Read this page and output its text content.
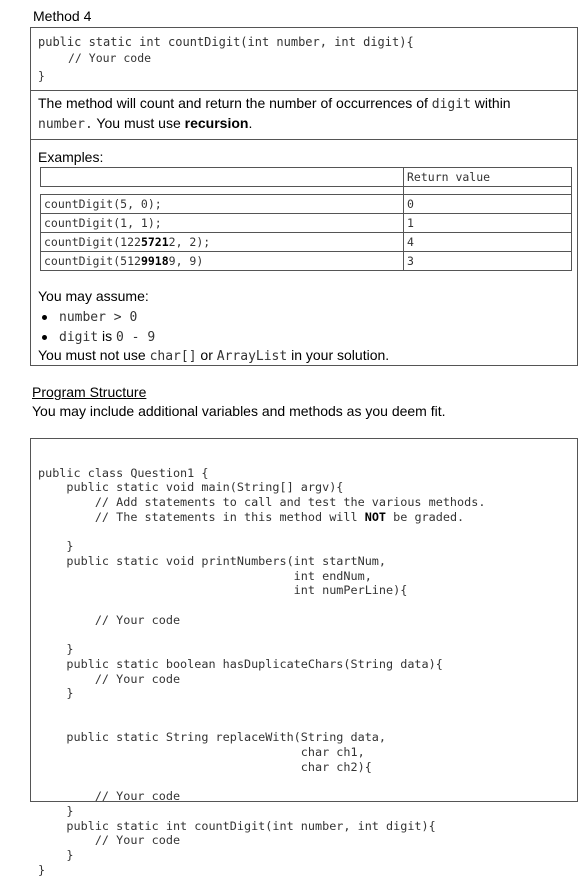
Method 4
public static int countDigit(int number, int digit){
// Your code
}
The method will count and return the number of occurrences of digit within
number. You must use recursion.
Examples:
	Return value

countDigit(5, 0);	0
countDigit(1, 1);	1
countDigit(12257212, 2);	4
countDigit(51299189, 9)	3
You may assume:
number > 0
digit is 0 - 9
You must not use char[] or ArrayList in your solution.
Program Structure
You may include additional variables and methods as you deem fit.

public class Question1 {
public static void main(String[] argv){
// Add statements to call and test the various methods.
// The statements in this method will NOT be graded.

}
public static void printNumbers(int startNum,
int endNum,
int numPerLine){

// Your code

}
public static boolean hasDuplicateChars(String data){
// Your code
}

public static String replaceWith(String data,
char ch1,
char ch2){

// Your code
}
public static int countDigit(int number, int digit){
// Your code
}
}
